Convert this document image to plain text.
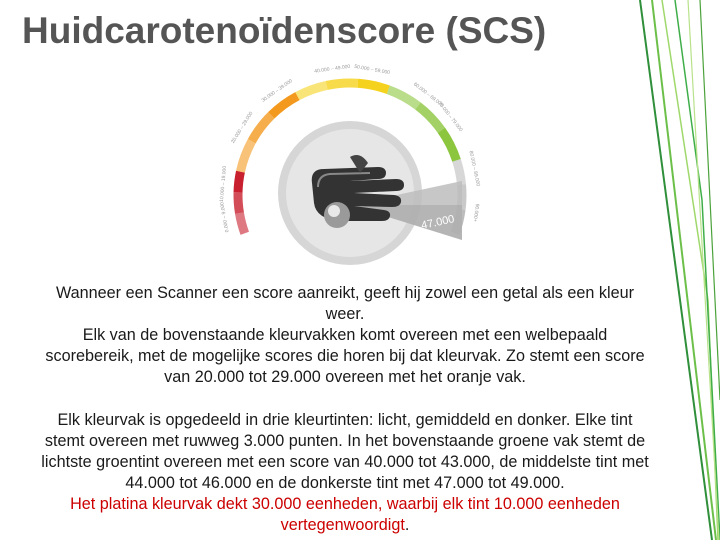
Huidcarotenoïdenscore (SCS)
0.000 – 9.000
10.000 – 19.000
20.000 – 29.000
30.000 – 39.000
40.000 – 49.000 50.000 – 59.000
60.000 – 69.000
70.000 – 79.000
80.000 – 89.000
90.000+
47.000
Wanneer een Scanner een score aanreikt, geeft hij zowel een getal als een kleur
weer.
Elk van de bovenstaande kleurvakken komt overeen met een welbepaald
scorebereik, met de mogelijke scores die horen bij dat kleurvak. Zo stemt een score
van 20.000 tot 29.000 overeen met het oranje vak.
Elk kleurvak is opgedeeld in drie kleurtinten: licht, gemiddeld en donker. Elke tint
stemt overeen met ruwweg 3.000 punten. In het bovenstaande groene vak stemt de
lichtste groentint overeen met een score van 40.000 tot 43.000, de middelste tint met
44.000 tot 46.000 en de donkerste tint met 47.000 tot 49.000.
Het platina kleurvak dekt 30.000 eenheden, waarbij elk tint 10.000 eenheden
vertegenwoordigt.
